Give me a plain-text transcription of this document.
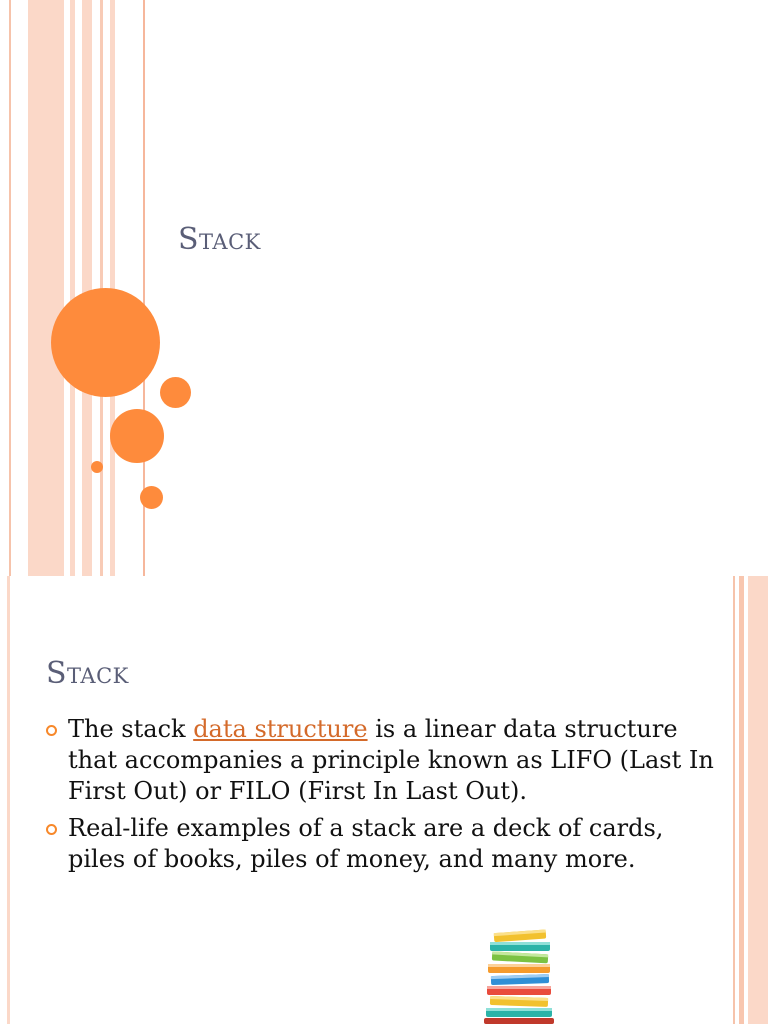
Stack
Stack
The stack data structure is a linear data structure that accompanies a principle known as LIFO (Last In First Out) or FILO (First In Last Out).
Real-life examples of a stack are a deck of cards, piles of books, piles of money, and many more.
